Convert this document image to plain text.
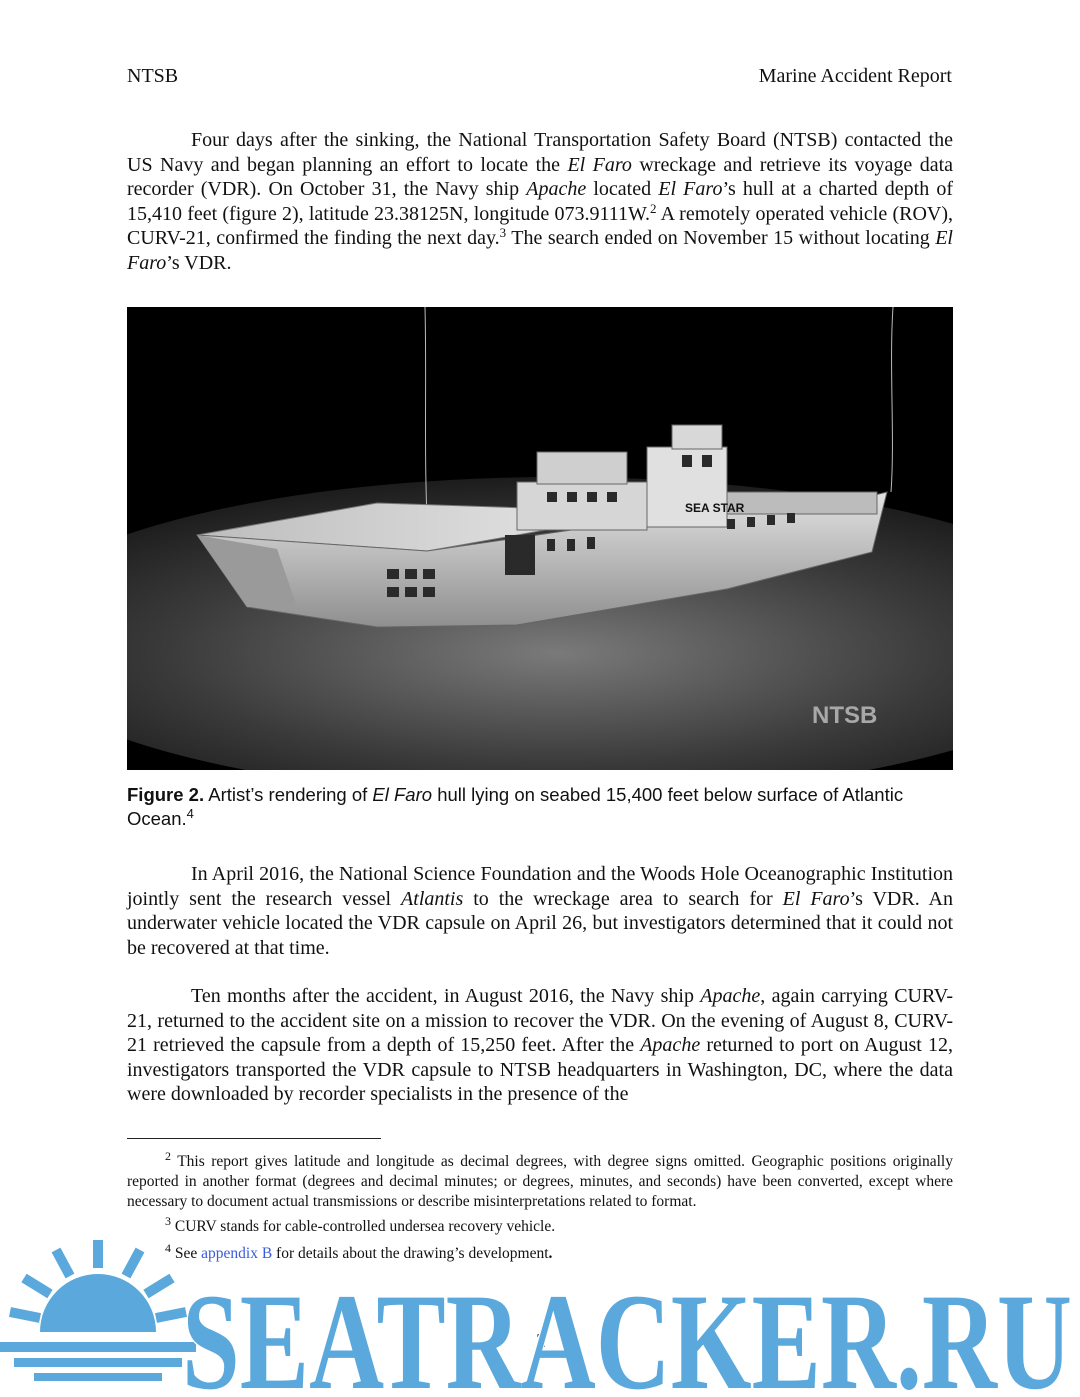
NTSB	Marine Accident Report

Four days after the sinking, the National Transportation Safety Board (NTSB) contacted the US Navy and began planning an effort to locate the El Faro wreckage and retrieve its voyage data recorder (VDR). On October 31, the Navy ship Apache located El Faro’s hull at a charted depth of 15,410 feet (figure 2), latitude 23.38125N, longitude 073.9111W.$^2$ A remotely operated vehicle (ROV), CURV-21, confirmed the finding the next day.$^3$ The search ended on November 15 without locating El Faro’s VDR.

SEA STAR
NTSB

Figure 2. Artist’s rendering of El Faro hull lying on seabed 15,400 feet below surface of Atlantic Ocean.$^4$

In April 2016, the National Science Foundation and the Woods Hole Oceanographic Institution jointly sent the research vessel Atlantis to the wreckage area to search for El Faro’s VDR. An underwater vehicle located the VDR capsule on April 26, but investigators determined that it could not be recovered at that time.

Ten months after the accident, in August 2016, the Navy ship Apache, again carrying CURV-21, returned to the accident site on a mission to recover the VDR. On the evening of August 8, CURV-21 retrieved the capsule from a depth of 15,250 feet. After the Apache returned to port on August 12, investigators transported the VDR capsule to NTSB headquarters in Washington, DC, where the data were downloaded by recorder specialists in the presence of the

$^2$ This report gives latitude and longitude as decimal degrees, with degree signs omitted. Geographic positions originally reported in another format (degrees and decimal minutes; or degrees, minutes, and seconds) have been converted, except where necessary to document actual transmissions or describe misinterpretations related to format.

$^3$ CURV stands for cable-controlled undersea recovery vehicle.

$^4$ See appendix B for details about the drawing’s development.

2
SEATRACKER.RU
